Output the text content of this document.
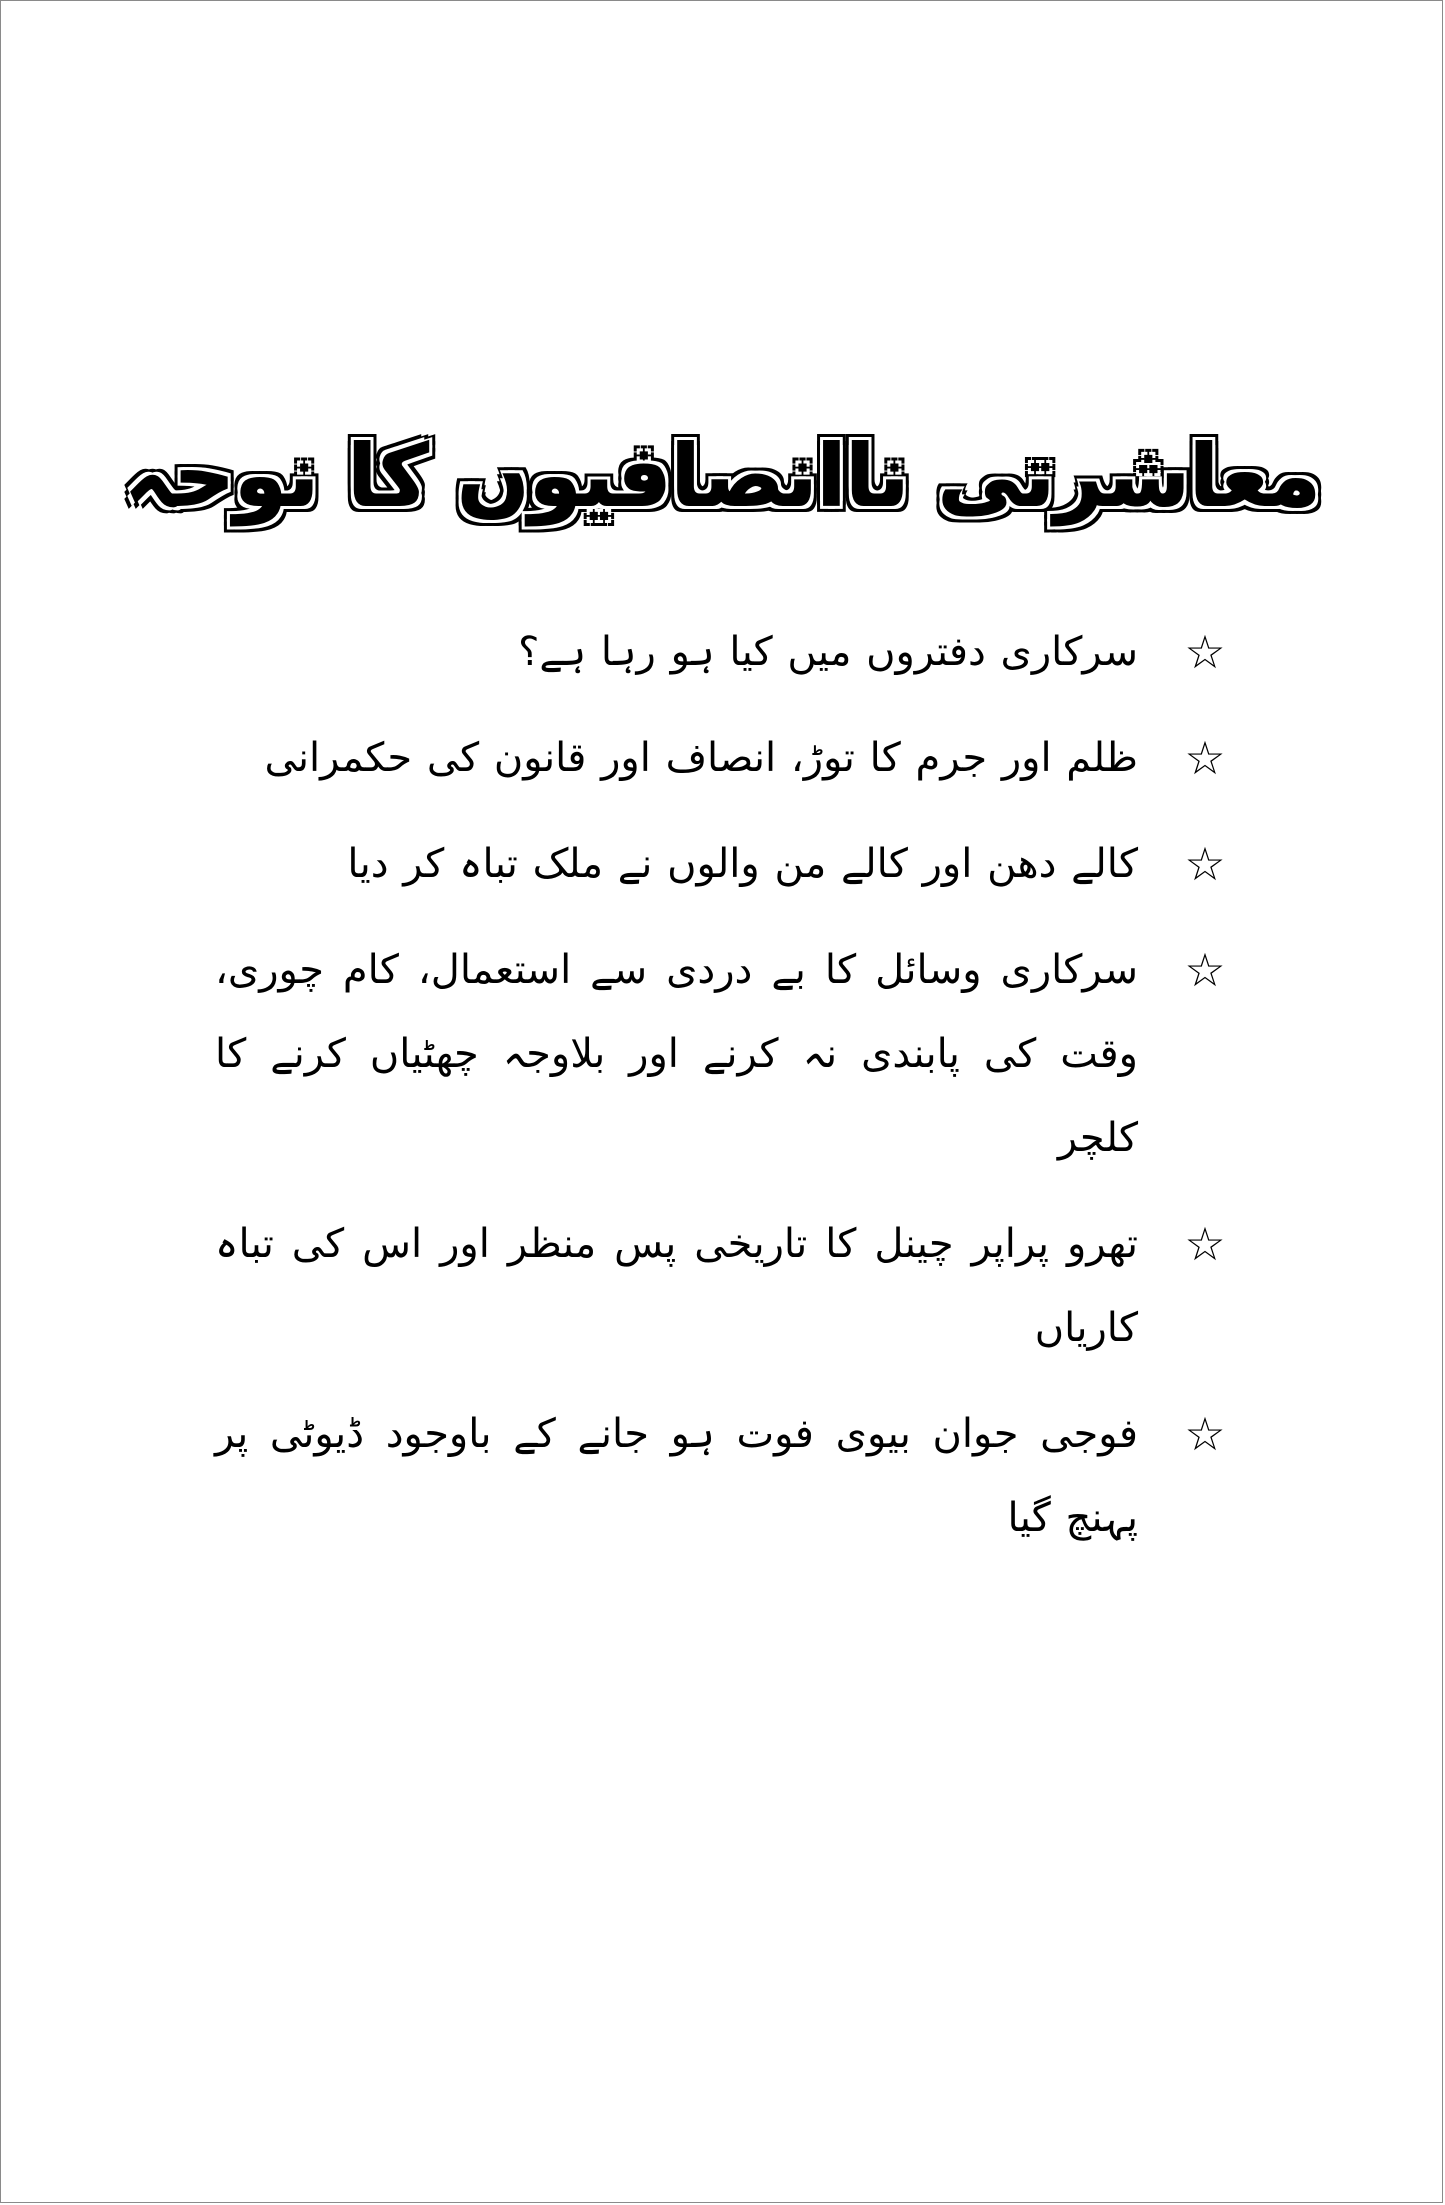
معاشرتی ناانصافیوں کا نوحہ
☆
سرکاری دفتروں میں کیا ہو رہا ہے؟
☆
ظلم اور جرم کا توڑ، انصاف اور قانون کی حکمرانی
☆
کالے دھن اور کالے من والوں نے ملک تباہ کر دیا
☆
سرکاری وسائل کا بے دردی سے استعمال، کام چوری، وقت کی پابندی نہ کرنے اور بلاوجہ چھٹیاں کرنے کا کلچر
☆
تھرو پراپر چینل کا تاریخی پس منظر اور اس کی تباہ کاریاں
☆
فوجی جوان بیوی فوت ہو جانے کے باوجود ڈیوٹی پر پہنچ گیا
